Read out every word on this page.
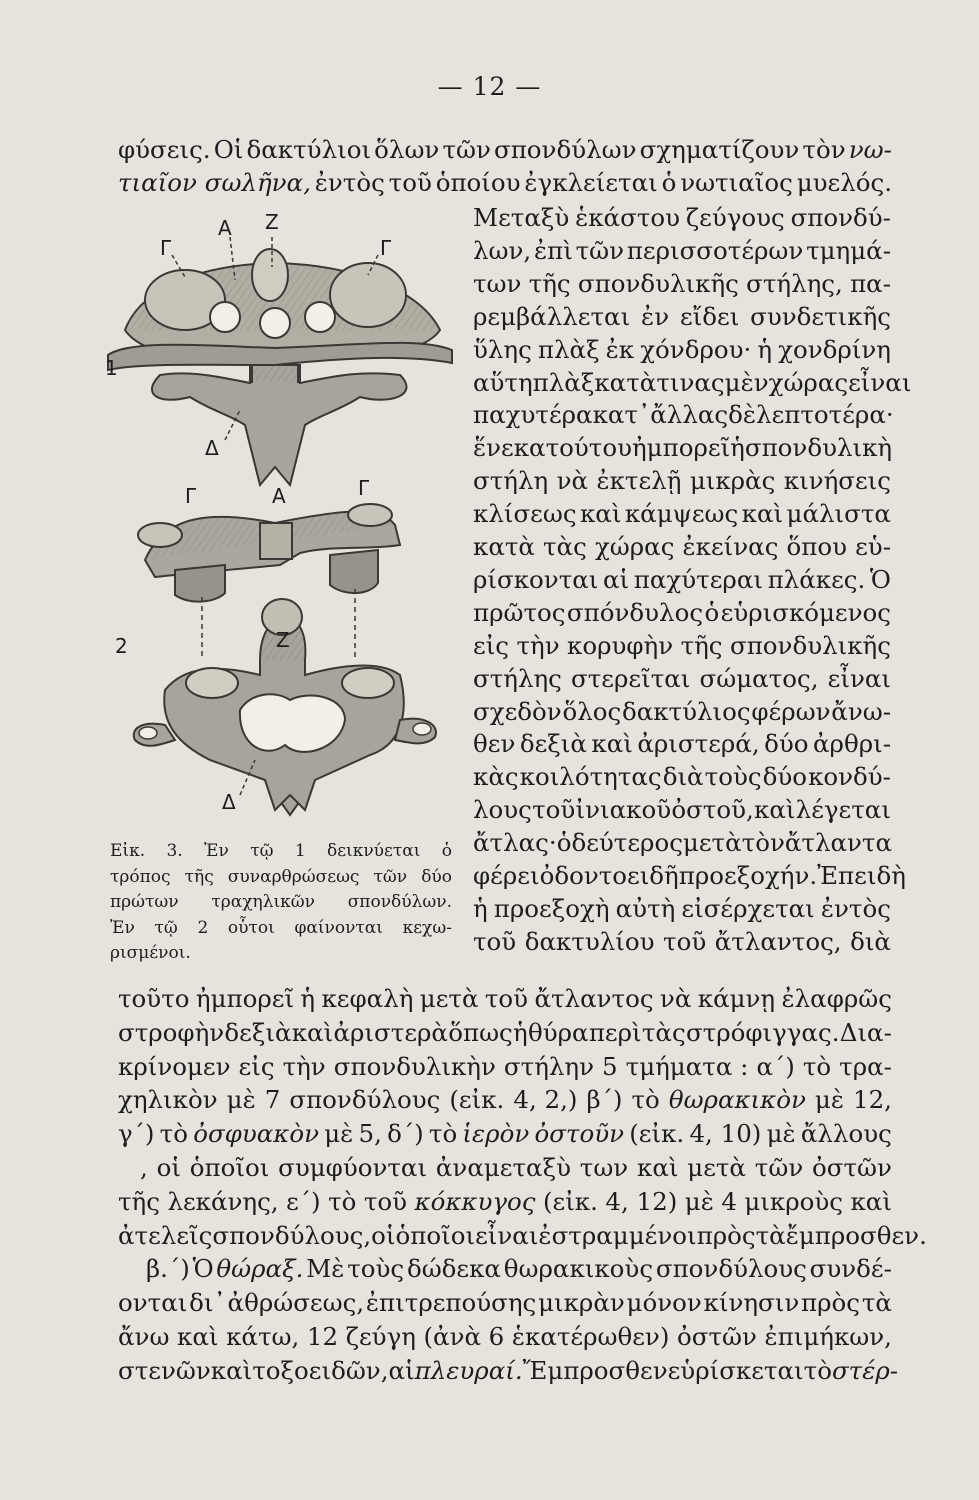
— 12 —
φύσεις. Οἱ δακτύλιοι ὅλων τῶν σπονδύλων σχηματίζουν τὸν νω-
τιαῖον σωλῆνα, ἐντὸς τοῦ ὁποίου ἐγκλείεται ὁ νωτιαῖος μυελός.
Μεταξὺ ἑκάστου ζεύγους σπονδύ-
λων, ἐπὶ τῶν περισσοτέρων τμημά-
των τῆς σπονδυλικῆς στήλης, πα-
ρεμβάλλεται ἐν εἴδει συνδετικῆς
ὕλης πλὰξ ἐκ χόνδρου· ἡ χονδρίνη
αὕτη πλὰξ κατὰ τινας μὲν χώρας εἶναι
παχυτέρα κατ᾽ ἄλλας δὲ λεπτοτέρα·
ἕνεκα τούτου ἠμπορεῖ ἡ σπονδυλικὴ
στήλη νὰ ἐκτελῇ μικρὰς κινήσεις
κλίσεως καὶ κάμψεως καὶ μάλιστα
κατὰ τὰς χώρας ἐκείνας ὅπου εὑ-
ρίσκονται αἱ παχύτεραι πλάκες. Ὁ
πρῶτος σπόνδυλος ὁ εὑρισκόμενος
εἰς τὴν κορυφὴν τῆς σπονδυλικῆς
στήλης στερεῖται σώματος, εἶναι
σχεδὸν ὅλος δακτύλιος φέρων ἄνω-
θεν δεξιὰ καὶ ἀριστερά, δύο ἀρθρι-
κὰς κοιλότητας διὰ τοὺς δύο κονδύ-
λους τοῦ ἰνιακοῦ ὀστοῦ, καὶ λέγεται
ἄτλας· ὁ δεύτερος μετὰ τὸν ἄτλαντα
φέρει ὀδοντοειδῆ προεξοχήν. Ἐπειδὴ
ἡ προεξοχὴ αὐτὴ εἰσέρχεται ἐντὸς
τοῦ δακτυλίου τοῦ ἄτλαντος, διὰ
Α Ζ
Γ	Γ
1
Δ
Γ	Α	Γ
2	Ζ
Δ
Εἰκ. 3. Ἐν τῷ 1 δεικνύεται ὁ
τρόπος τῆς συναρθρώσεως τῶν δύο
πρώτων τραχηλικῶν σπονδύλων.
Ἐν τῷ 2 οὗτοι φαίνονται κεχω-
ρισμένοι.
τοῦτο ἠμπορεῖ ἡ κεφαλὴ μετὰ τοῦ ἄτλαντος νὰ κάμνῃ ἐλαφρῶς
στροφὴν δεξιὰ καὶ ἀριστερὰ ὅπως ἡ θύρα περὶ τὰς στρόφιγγας. Δια-
κρίνομεν εἰς τὴν σπονδυλικὴν στήλην 5 τμήματα : α΄) τὸ τρα-
χηλικὸν μὲ 7 σπονδύλους (εἰκ. 4, 2,) β΄) τὸ θωρακικὸν μὲ 12,
γ΄) τὸ ὀσφυακὸν μὲ 5, δ΄) τὸ ἱερὸν ὀστοῦν (εἰκ. 4, 10) μὲ ἄλλους
, οἱ ὁποῖοι συμφύονται ἀναμεταξὺ των καὶ μετὰ τῶν ὀστῶν
τῆς λεκάνης, ε΄) τὸ τοῦ κόκκυγος (εἰκ. 4, 12) μὲ 4 μικροὺς καὶ
ἀτελεῖς σπονδύλους, οἱ ὁποῖοι εἶναι ἐστραμμένοι πρὸς τὰ ἔμπροσθεν.
β.΄) Ὁ θώραξ. Μὲ τοὺς δώδεκα θωρακικοὺς σπονδύλους συνδέ-
ονται δι᾽ ἀθρώσεως, ἐπιτρεπούσης μικρὰν μόνον κίνησιν πρὸς τὰ
ἄνω καὶ κάτω, 12 ζεύγη (ἀνὰ 6 ἑκατέρωθεν) ὀστῶν ἐπιμήκων,
στενῶν καὶ τοξοειδῶν, αἱ πλευραί. Ἔμπροσθεν εὑρίσκεται τὸ στέρ-
